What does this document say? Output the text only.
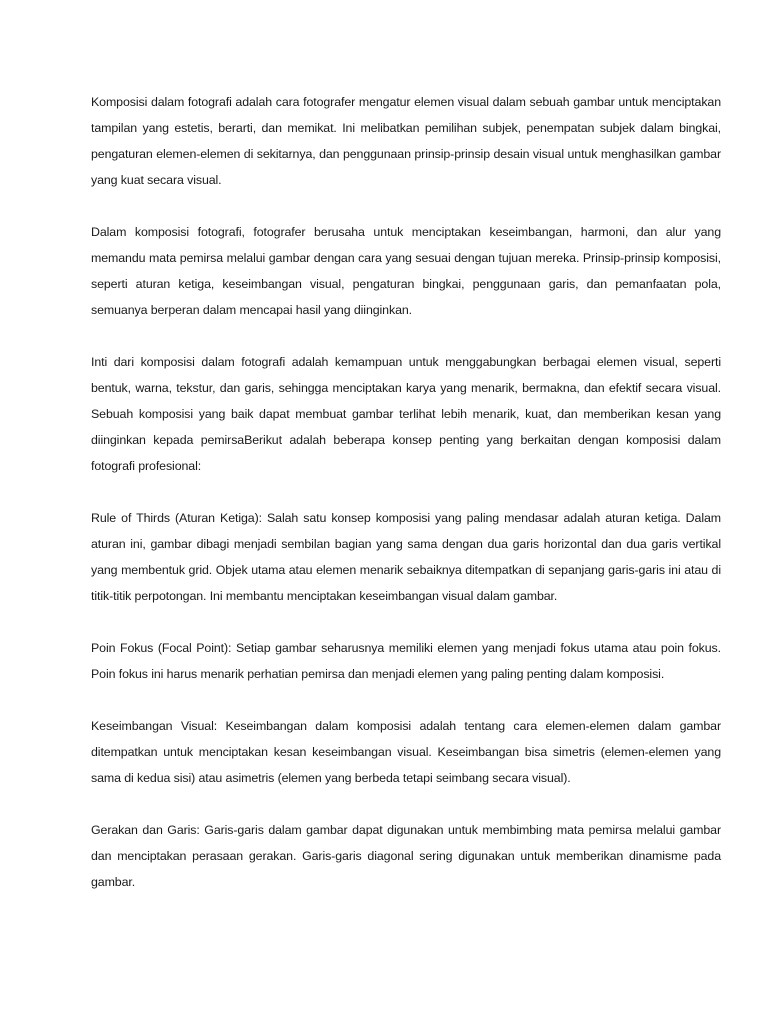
Komposisi dalam fotografi adalah cara fotografer mengatur elemen visual dalam sebuah gambar untuk menciptakan tampilan yang estetis, berarti, dan memikat. Ini melibatkan pemilihan subjek, penempatan subjek dalam bingkai, pengaturan elemen-elemen di sekitarnya, dan penggunaan prinsip-prinsip desain visual untuk menghasilkan gambar yang kuat secara visual.

Dalam komposisi fotografi, fotografer berusaha untuk menciptakan keseimbangan, harmoni, dan alur yang memandu mata pemirsa melalui gambar dengan cara yang sesuai dengan tujuan mereka. Prinsip-prinsip komposisi, seperti aturan ketiga, keseimbangan visual, pengaturan bingkai, penggunaan garis, dan pemanfaatan pola, semuanya berperan dalam mencapai hasil yang diinginkan.

Inti dari komposisi dalam fotografi adalah kemampuan untuk menggabungkan berbagai elemen visual, seperti bentuk, warna, tekstur, dan garis, sehingga menciptakan karya yang menarik, bermakna, dan efektif secara visual. Sebuah komposisi yang baik dapat membuat gambar terlihat lebih menarik, kuat, dan memberikan kesan yang diinginkan kepada pemirsaBerikut adalah beberapa konsep penting yang berkaitan dengan komposisi dalam fotografi profesional:

Rule of Thirds (Aturan Ketiga): Salah satu konsep komposisi yang paling mendasar adalah aturan ketiga. Dalam aturan ini, gambar dibagi menjadi sembilan bagian yang sama dengan dua garis horizontal dan dua garis vertikal yang membentuk grid. Objek utama atau elemen menarik sebaiknya ditempatkan di sepanjang garis-garis ini atau di titik-titik perpotongan. Ini membantu menciptakan keseimbangan visual dalam gambar.

Poin Fokus (Focal Point): Setiap gambar seharusnya memiliki elemen yang menjadi fokus utama atau poin fokus. Poin fokus ini harus menarik perhatian pemirsa dan menjadi elemen yang paling penting dalam komposisi.

Keseimbangan Visual: Keseimbangan dalam komposisi adalah tentang cara elemen-elemen dalam gambar ditempatkan untuk menciptakan kesan keseimbangan visual. Keseimbangan bisa simetris (elemen-elemen yang sama di kedua sisi) atau asimetris (elemen yang berbeda tetapi seimbang secara visual).

Gerakan dan Garis: Garis-garis dalam gambar dapat digunakan untuk membimbing mata pemirsa melalui gambar dan menciptakan perasaan gerakan. Garis-garis diagonal sering digunakan untuk memberikan dinamisme pada gambar.
